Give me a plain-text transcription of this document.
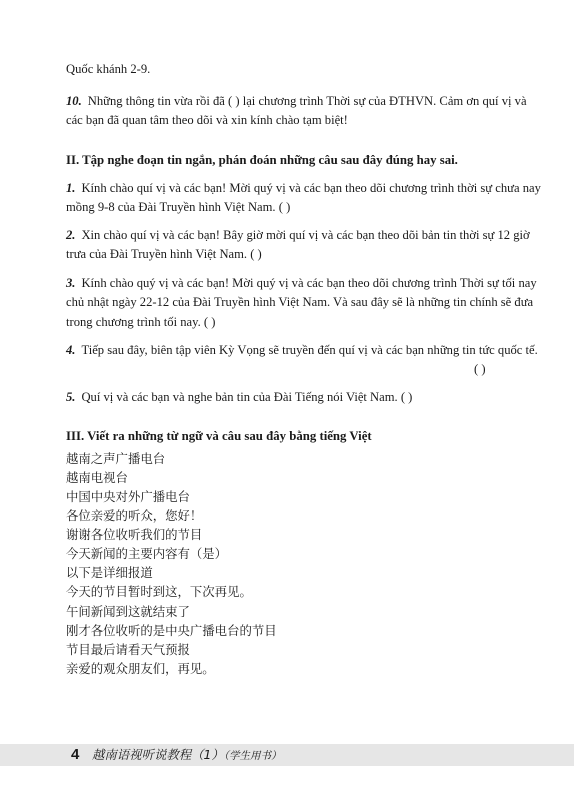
Quốc khánh 2-9.
10. Những thông tin vừa rồi đã ( ) lại chương trình Thời sự của ĐTHVN. Cảm ơn quí vị và
các bạn đã quan tâm theo dõi và xin kính chào tạm biệt!
II. Tập nghe đoạn tin ngắn, phán đoán những câu sau đây đúng hay sai.
1. Kính chào quí vị và các bạn! Mời quý vị và các bạn theo dõi chương trình thời sự chưa nay
mồng 9-8 của Đài Truyền hình Việt Nam. ( )
2. Xin chào quí vị và các bạn! Bây giờ mời quí vị và các bạn theo dõi bản tin thời sự 12 giờ
trưa của Đài Truyền hình Việt Nam. ( )
3. Kính chào quý vị và các bạn! Mời quý vị và các bạn theo dõi chương trình Thời sự tối nay
chủ nhật ngày 22-12 của Đài Truyền hình Việt Nam. Và sau đây sẽ là những tin chính sẽ đưa
trong chương trình tối nay. ( )
4. Tiếp sau đây, biên tập viên Kỳ Vọng sẽ truyền đến quí vị và các bạn những tin tức quốc tế.
( )
5. Quí vị và các bạn và nghe bản tin của Đài Tiếng nói Việt Nam. ( )
III. Viết ra những từ ngữ và câu sau đây bằng tiếng Việt
越南之声广播电台
越南电视台
中国中央对外广播电台
各位亲爱的听众，您好！
谢谢各位收听我们的节目
今天新闻的主要内容有（是）
以下是详细报道
今天的节目暂时到这，下次再见。
午间新闻到这就结束了
刚才各位收听的是中央广播电台的节目
节目最后请看天气预报
亲爱的观众朋友们，再见。
4 越南语视听说教程（1）（学生用书）
